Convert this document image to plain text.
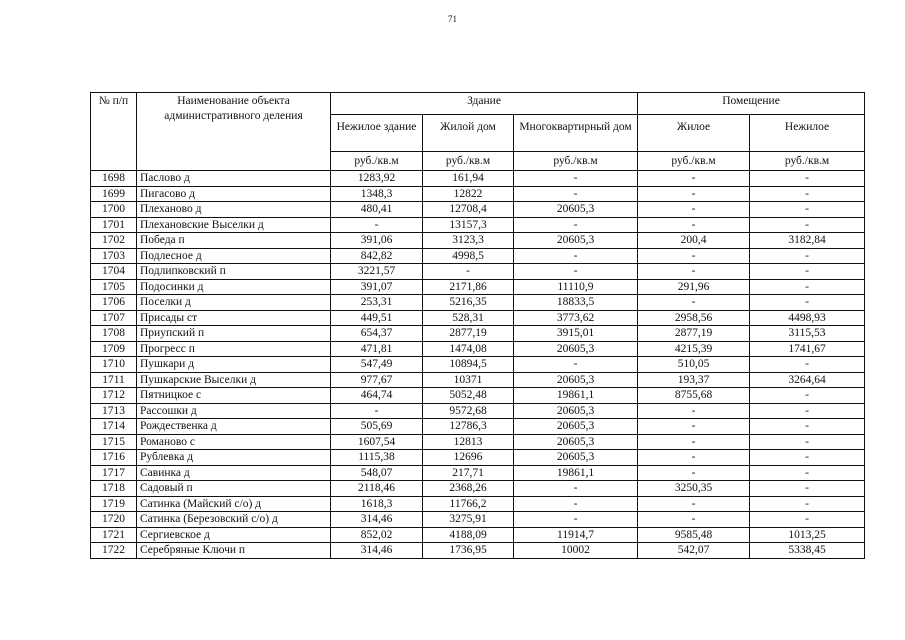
71
№ п/п	Наименование объекта административного деления	Здание			Помещение	
		Нежилое здание	Жилой дом	Многоквартирный дом	Жилое	Нежилое
		руб./кв.м	руб./кв.м	руб./кв.м	руб./кв.м	руб./кв.м
1698	Паслово д	1283,92	161,94	-	-	-
1699	Пигасово д	1348,3	12822	-	-	-
1700	Плеханово д	480,41	12708,4	20605,3	-	-
1701	Плехановские Выселки д	-	13157,3	-	-	-
1702	Победа п	391,06	3123,3	20605,3	200,4	3182,84
1703	Подлесное д	842,82	4998,5	-	-	-
1704	Подлипковский п	3221,57	-	-	-	-
1705	Подосинки д	391,07	2171,86	11110,9	291,96	-
1706	Поселки д	253,31	5216,35	18833,5	-	-
1707	Присады ст	449,51	528,31	3773,62	2958,56	4498,93
1708	Приупский п	654,37	2877,19	3915,01	2877,19	3115,53
1709	Прогресс п	471,81	1474,08	20605,3	4215,39	1741,67
1710	Пушкари д	547,49	10894,5	-	510,05	-
1711	Пушкарские Выселки д	977,67	10371	20605,3	193,37	3264,64
1712	Пятницкое с	464,74	5052,48	19861,1	8755,68	-
1713	Рассошки д	-	9572,68	20605,3	-	-
1714	Рождественка д	505,69	12786,3	20605,3	-	-
1715	Романово с	1607,54	12813	20605,3	-	-
1716	Рублевка д	1115,38	12696	20605,3	-	-
1717	Савинка д	548,07	217,71	19861,1	-	-
1718	Садовый п	2118,46	2368,26	-	3250,35	-
1719	Сатинка (Майский с/о) д	1618,3	11766,2	-	-	-
1720	Сатинка (Березовский с/о) д	314,46	3275,91	-	-	-
1721	Сергиевское д	852,02	4188,09	11914,7	9585,48	1013,25
1722	Серебряные Ключи п	314,46	1736,95	10002	542,07	5338,45
